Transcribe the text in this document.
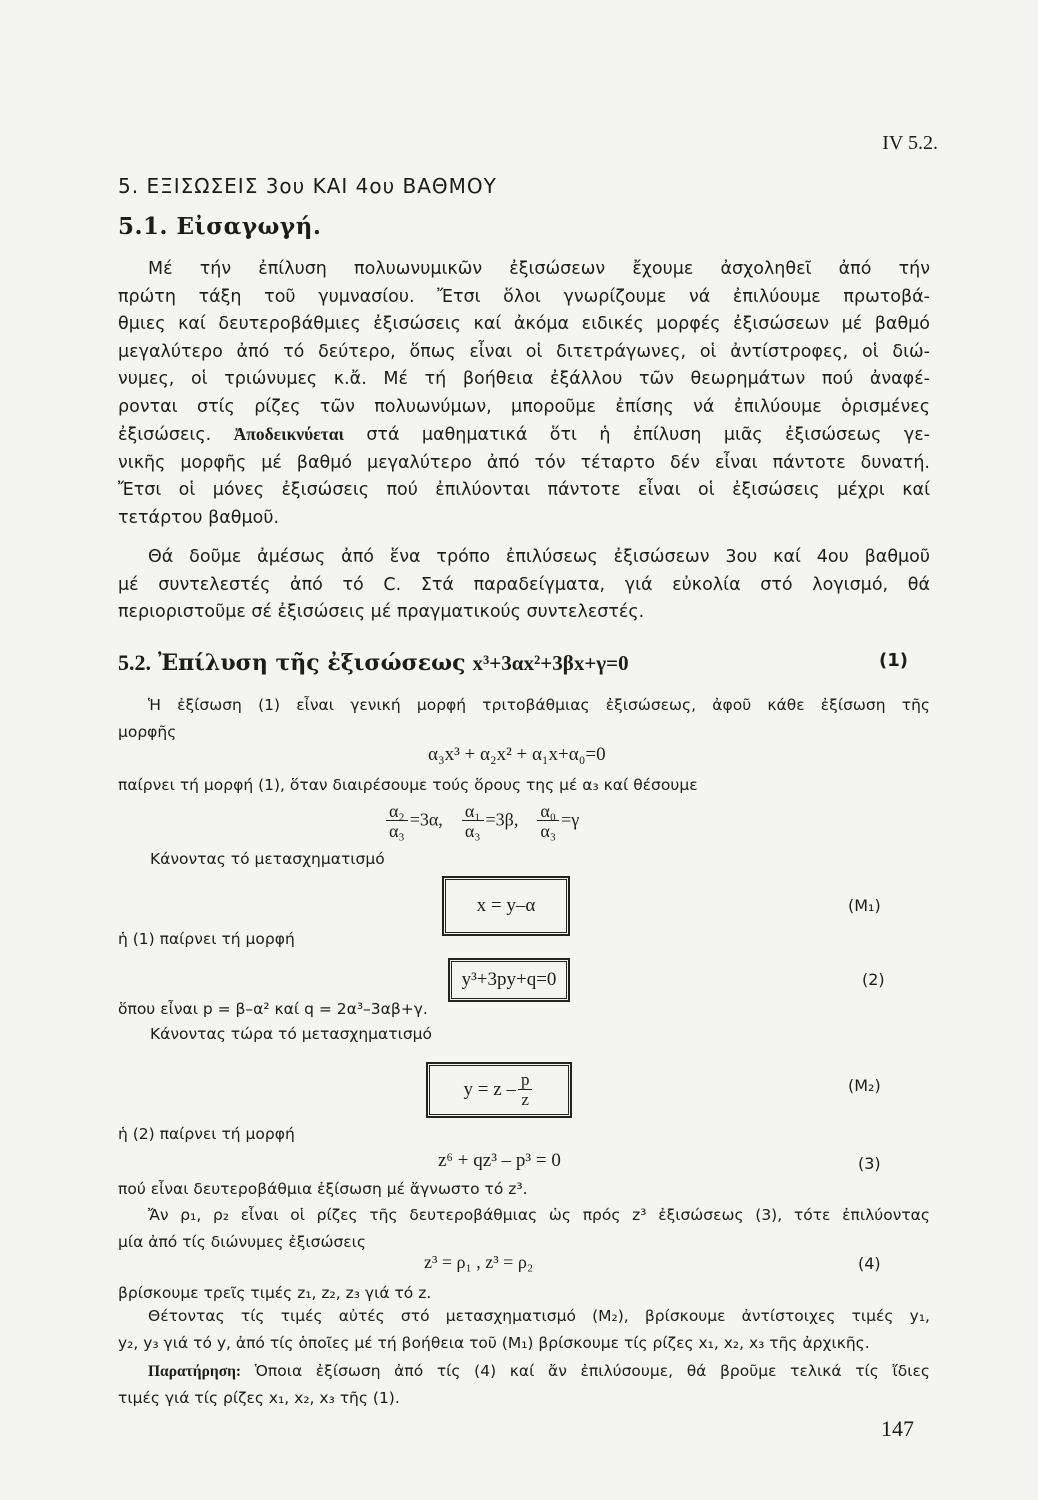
IV 5.2.
5. ΕΞΙΣΩΣΕΙΣ 3ου ΚΑΙ 4ου ΒΑΘΜΟΥ
5.1. Εἰσαγωγή.
Μέ τήν ἐπίλυση πολυωνυμικῶν ἐξισώσεων ἔχουμε ἀσχοληθεῖ ἀπό τήν
πρώτη τάξη τοῦ γυμνασίου. Ἔτσι ὅλοι γνωρίζουμε νά ἐπιλύουμε πρωτοβά-
θμιες καί δευτεροβάθμιες ἐξισώσεις καί ἀκόμα ειδικές μορφές ἐξισώσεων μέ βαθμό
μεγαλύτερο ἀπό τό δεύτερο, ὅπως εἶναι οἱ διτετράγωνες, οἱ ἀντίστροφες, οἱ διώ-
νυμες, οἱ τριώνυμες κ.ἄ. Μέ τή βοήθεια ἐξάλλου τῶν θεωρημάτων πού ἀναφέ-
ρονται στίς ρίζες τῶν πολυωνύμων, μποροῦμε ἐπίσης νά ἐπιλύουμε ὁρισμένες
ἐξισώσεις. Ἀποδεικνύεται στά μαθηματικά ὅτι ἡ ἐπίλυση μιᾶς ἐξισώσεως γε-
νικῆς μορφῆς μέ βαθμό μεγαλύτερο ἀπό τόν τέταρτο δέν εἶναι πάντοτε δυνατή.
Ἔτσι οἱ μόνες ἐξισώσεις πού ἐπιλύονται πάντοτε εἶναι οἱ ἐξισώσεις μέχρι καί
τετάρτου βαθμοῦ.
Θά δοῦμε ἀμέσως ἀπό ἕνα τρόπο ἐπιλύσεως ἐξισώσεων 3ου καί 4ου βαθμοῦ
μέ συντελεστές ἀπό τό C. Στά παραδείγματα, γιά εὐκολία στό λογισμό, θά
περιοριστοῦμε σέ ἐξισώσεις μέ πραγματικούς συντελεστές.
5.2. Ἐπίλυση τῆς ἐξισώσεως x³+3αx²+3βx+γ=0	(1)
Ἡ ἐξίσωση (1) εἶναι γενική μορφή τριτοβάθμιας ἐξισώσεως, ἀφοῦ κάθε ἐξίσωση τῆς
μορφῆς
α₃x³ + α₂x² + α₁x+α₀=0
παίρνει τή μορφή (1), ὅταν διαιρέσουμε τούς ὅρους της μέ α₃ καί θέσουμε
$\frac{\text{α₂}}{\text{α₃}} =3\alpha$, $\frac{\text{α₁}}{\text{α₃}} =3\beta$, $\frac{\text{α₀}}{\text{α₃}} =\gamma$
Κάνοντας τό μετασχηματισμό
x = y–α	(M₁)
ἡ (1) παίρνει τή μορφή
y³+3py+q=0	(2)
ὅπου εἶναι p = β–α² καί q = 2α³–3αβ+γ.
Κάνοντας τώρα τό μετασχηματισμό
$y = z - \frac{p}{z}$	(M₂)
ἡ (2) παίρνει τή μορφή
z⁶ + qz³ – p³ = 0	(3)
πού εἶναι δευτεροβάθμια ἐξίσωση μέ ἄγνωστο τό z³.
Ἄν ρ₁, ρ₂ εἶναι οἱ ρίζες τῆς δευτεροβάθμιας ὡς πρός z³ ἐξισώσεως (3), τότε ἐπιλύοντας
μία ἀπό τίς διώνυμες ἐξισώσεις
z³ = ρ₁ , z³ = ρ₂	(4)
βρίσκουμε τρεῖς τιμές z₁, z₂, z₃ γιά τό z.
Θέτοντας τίς τιμές αὐτές στό μετασχηματισμό (M₂), βρίσκουμε ἀντίστοιχες τιμές y₁,
y₂, y₃ γιά τό y, ἀπό τίς ὁποῖες μέ τή βοήθεια τοῦ (M₁) βρίσκουμε τίς ρίζες x₁, x₂, x₃ τῆς ἀρχικῆς.
Παρατήρηση: Ὁποια ἐξίσωση ἀπό τίς (4) καί ἄν ἐπιλύσουμε, θά βροῦμε τελικά τίς ἴδιες
τιμές γιά τίς ρίζες x₁, x₂, x₃ τῆς (1).
147
